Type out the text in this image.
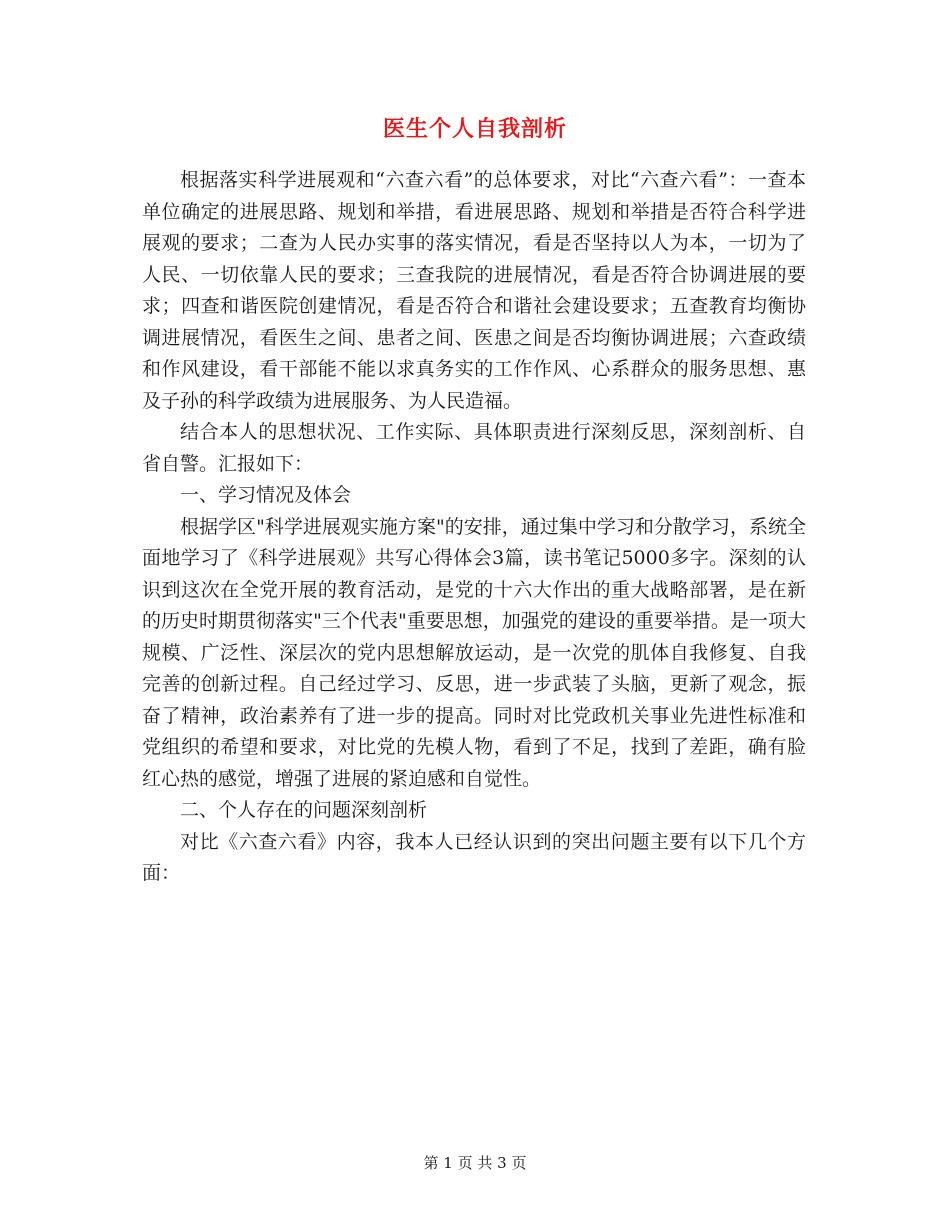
医生个人自我剖析

根据落实科学进展观和“六查六看”的总体要求，对比“六查六看”：一查本单位确定的进展思路、规划和举措，看进展思路、规划和举措是否符合科学进展观的要求；二查为人民办实事的落实情况，看是否坚持以人为本，一切为了人民、一切依靠人民的要求；三查我院的进展情况，看是否符合协调进展的要求；四查和谐医院创建情况，看是否符合和谐社会建设要求；五查教育均衡协调进展情况，看医生之间、患者之间、医患之间是否均衡协调进展；六查政绩和作风建设，看干部能不能以求真务实的工作作风、心系群众的服务思想、惠及子孙的科学政绩为进展服务、为人民造福。

结合本人的思想状况、工作实际、具体职责进行深刻反思，深刻剖析、自省自警。汇报如下：

一、学习情况及体会

根据学区"科学进展观实施方案"的安排，通过集中学习和分散学习，系统全面地学习了《科学进展观》共写心得体会3篇，读书笔记5000多字。深刻的认识到这次在全党开展的教育活动，是党的十六大作出的重大战略部署，是在新的历史时期贯彻落实"三个代表"重要思想，加强党的建设的重要举措。是一项大规模、广泛性、深层次的党内思想解放运动，是一次党的肌体自我修复、自我完善的创新过程。自己经过学习、反思，进一步武装了头脑，更新了观念，振奋了精神，政治素养有了进一步的提高。同时对比党政机关事业先进性标准和党组织的希望和要求，对比党的先模人物，看到了不足，找到了差距，确有脸红心热的感觉，增强了进展的紧迫感和自觉性。

二、个人存在的问题深刻剖析

对比《六查六看》内容，我本人已经认识到的突出问题主要有以下几个方面：

第 1 页 共 3 页
